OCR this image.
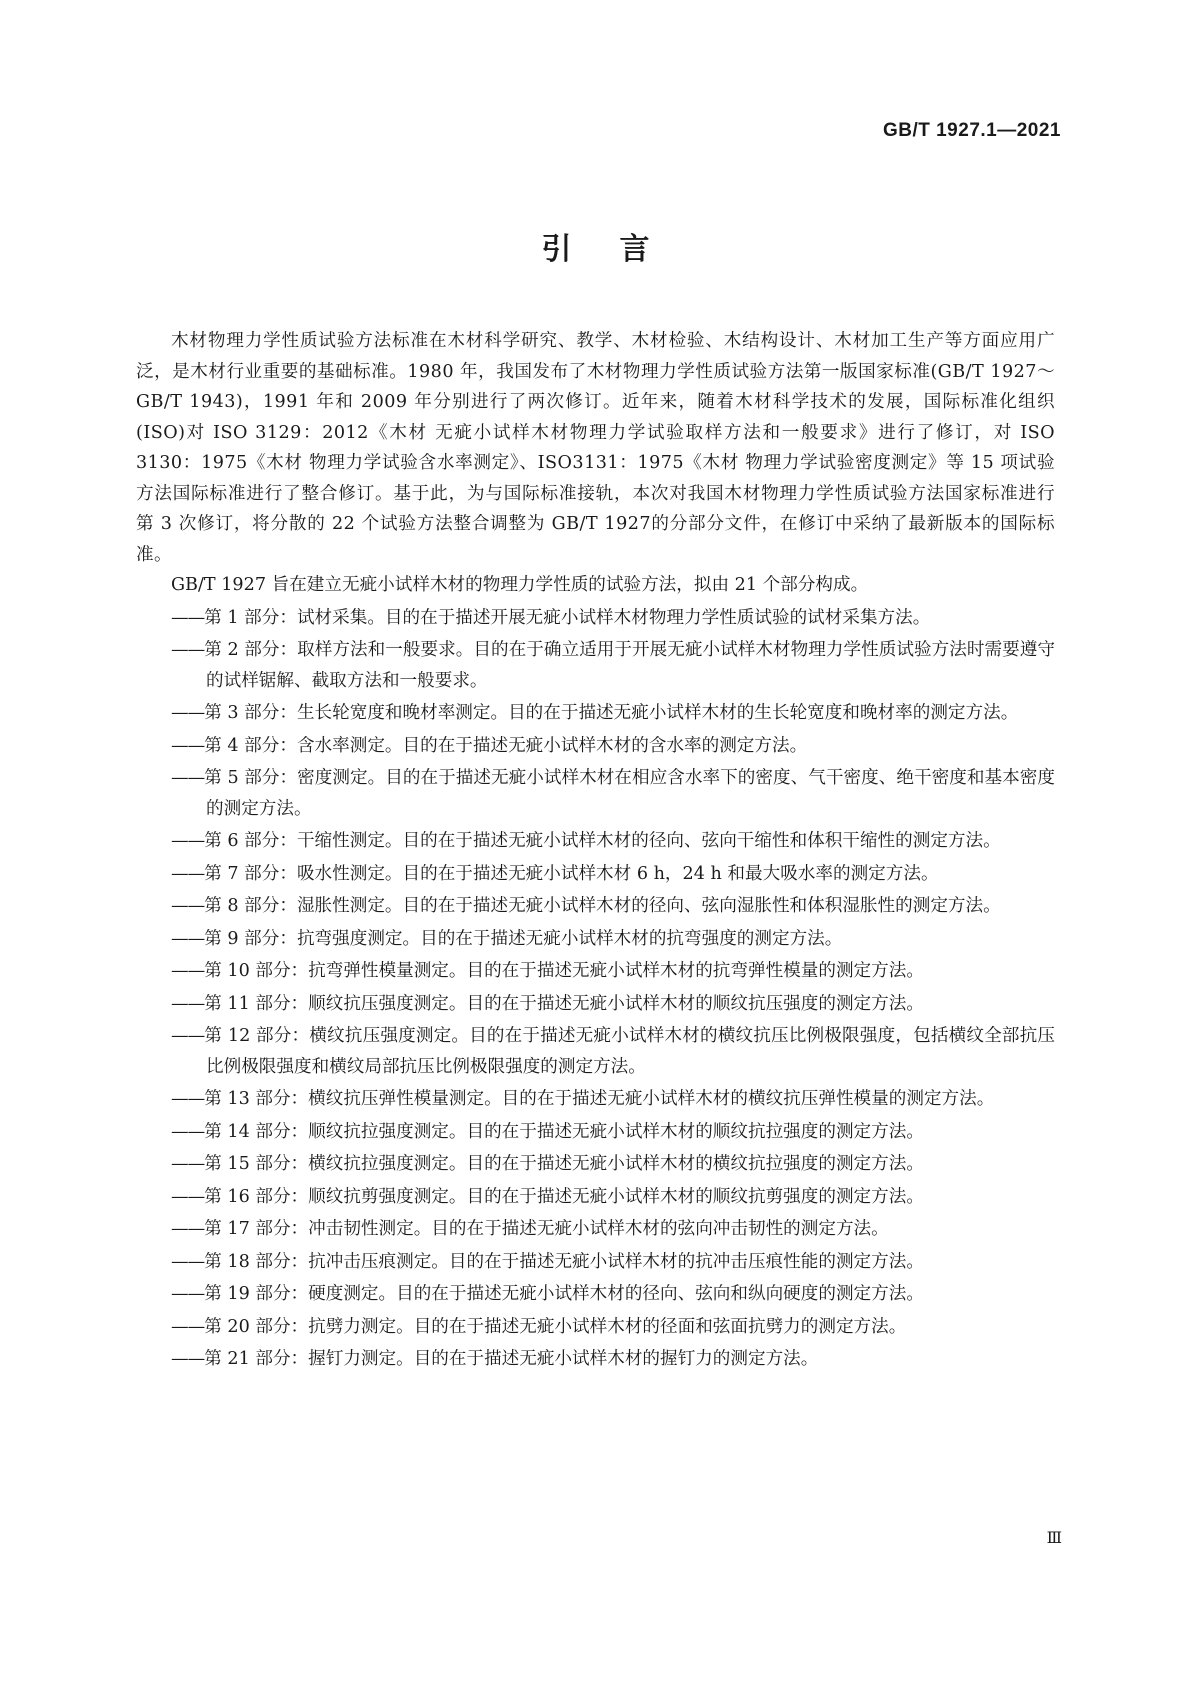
GB/T 1927.1—2021
引言

木材物理力学性质试验方法标准在木材科学研究、教学、木材检验、木结构设计、木材加工生产等方面应用广泛，是木材行业重要的基础标准。1980 年，我国发布了木材物理力学性质试验方法第一版国家标准(GB/T 1927～GB/T 1943)，1991 年和 2009 年分别进行了两次修订。近年来，随着木材科学技术的发展，国际标准化组织(ISO)对 ISO 3129：2012《木材 无疵小试样木材物理力学试验取样方法和一般要求》进行了修订，对 ISO 3130：1975《木材 物理力学试验含水率测定》、ISO3131：1975《木材 物理力学试验密度测定》等 15 项试验方法国际标准进行了整合修订。基于此，为与国际标准接轨，本次对我国木材物理力学性质试验方法国家标准进行第 3 次修订，将分散的 22 个试验方法整合调整为 GB/T 1927的分部分文件，在修订中采纳了最新版本的国际标准。

GB/T 1927 旨在建立无疵小试样木材的物理力学性质的试验方法，拟由 21 个部分构成。

——第 1 部分：试材采集。目的在于描述开展无疵小试样木材物理力学性质试验的试材采集方法。
——第 2 部分：取样方法和一般要求。目的在于确立适用于开展无疵小试样木材物理力学性质试验方法时需要遵守的试样锯解、截取方法和一般要求。
——第 3 部分：生长轮宽度和晚材率测定。目的在于描述无疵小试样木材的生长轮宽度和晚材率的测定方法。
——第 4 部分：含水率测定。目的在于描述无疵小试样木材的含水率的测定方法。
——第 5 部分：密度测定。目的在于描述无疵小试样木材在相应含水率下的密度、气干密度、绝干密度和基本密度的测定方法。
——第 6 部分：干缩性测定。目的在于描述无疵小试样木材的径向、弦向干缩性和体积干缩性的测定方法。
——第 7 部分：吸水性测定。目的在于描述无疵小试样木材 6 h，24 h 和最大吸水率的测定方法。
——第 8 部分：湿胀性测定。目的在于描述无疵小试样木材的径向、弦向湿胀性和体积湿胀性的测定方法。
——第 9 部分：抗弯强度测定。目的在于描述无疵小试样木材的抗弯强度的测定方法。
——第 10 部分：抗弯弹性模量测定。目的在于描述无疵小试样木材的抗弯弹性模量的测定方法。
——第 11 部分：顺纹抗压强度测定。目的在于描述无疵小试样木材的顺纹抗压强度的测定方法。
——第 12 部分：横纹抗压强度测定。目的在于描述无疵小试样木材的横纹抗压比例极限强度，包括横纹全部抗压比例极限强度和横纹局部抗压比例极限强度的测定方法。
——第 13 部分：横纹抗压弹性模量测定。目的在于描述无疵小试样木材的横纹抗压弹性模量的测定方法。
——第 14 部分：顺纹抗拉强度测定。目的在于描述无疵小试样木材的顺纹抗拉强度的测定方法。
——第 15 部分：横纹抗拉强度测定。目的在于描述无疵小试样木材的横纹抗拉强度的测定方法。
——第 16 部分：顺纹抗剪强度测定。目的在于描述无疵小试样木材的顺纹抗剪强度的测定方法。
——第 17 部分：冲击韧性测定。目的在于描述无疵小试样木材的弦向冲击韧性的测定方法。
——第 18 部分：抗冲击压痕测定。目的在于描述无疵小试样木材的抗冲击压痕性能的测定方法。
——第 19 部分：硬度测定。目的在于描述无疵小试样木材的径向、弦向和纵向硬度的测定方法。
——第 20 部分：抗劈力测定。目的在于描述无疵小试样木材的径面和弦面抗劈力的测定方法。
——第 21 部分：握钉力测定。目的在于描述无疵小试样木材的握钉力的测定方法。
Ⅲ
